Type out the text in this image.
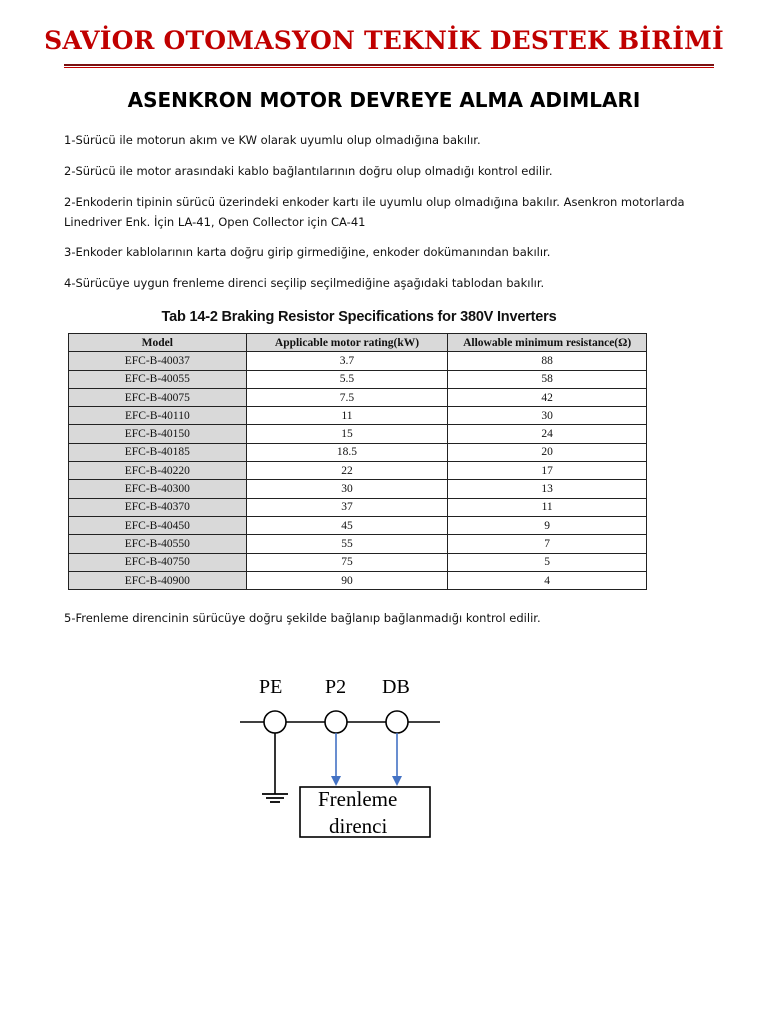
SAVİOR OTOMASYON TEKNİK DESTEK BİRİMİ
ASENKRON MOTOR DEVREYE ALMA ADIMLARI
1-Sürücü ile motorun akım ve KW olarak uyumlu olup olmadığına bakılır.
2-Sürücü ile motor arasındaki kablo bağlantılarının doğru olup olmadığı kontrol edilir.
2-Enkoderin tipinin sürücü üzerindeki enkoder kartı ile uyumlu olup olmadığına bakılır. Asenkron motorlarda Linedriver Enk. İçin LA-41, Open Collector için CA-41
3-Enkoder kablolarının karta doğru girip girmediğine, enkoder dokümanından bakılır.
4-Sürücüye uygun frenleme direnci seçilip seçilmediğine aşağıdaki tablodan bakılır.
Tab 14-2 Braking Resistor Specifications for 380V Inverters
Model	Applicable motor rating(kW)	Allowable minimum resistance(Ω)
EFC-B-40037	3.7	88
EFC-B-40055	5.5	58
EFC-B-40075	7.5	42
EFC-B-40110	11	30
EFC-B-40150	15	24
EFC-B-40185	18.5	20
EFC-B-40220	22	17
EFC-B-40300	30	13
EFC-B-40370	37	11
EFC-B-40450	45	9
EFC-B-40550	55	7
EFC-B-40750	75	5
EFC-B-40900	90	4
5-Frenleme direncinin sürücüye doğru şekilde bağlanıp bağlanmadığı kontrol edilir.
PE P2 DB
Frenleme
direnci
